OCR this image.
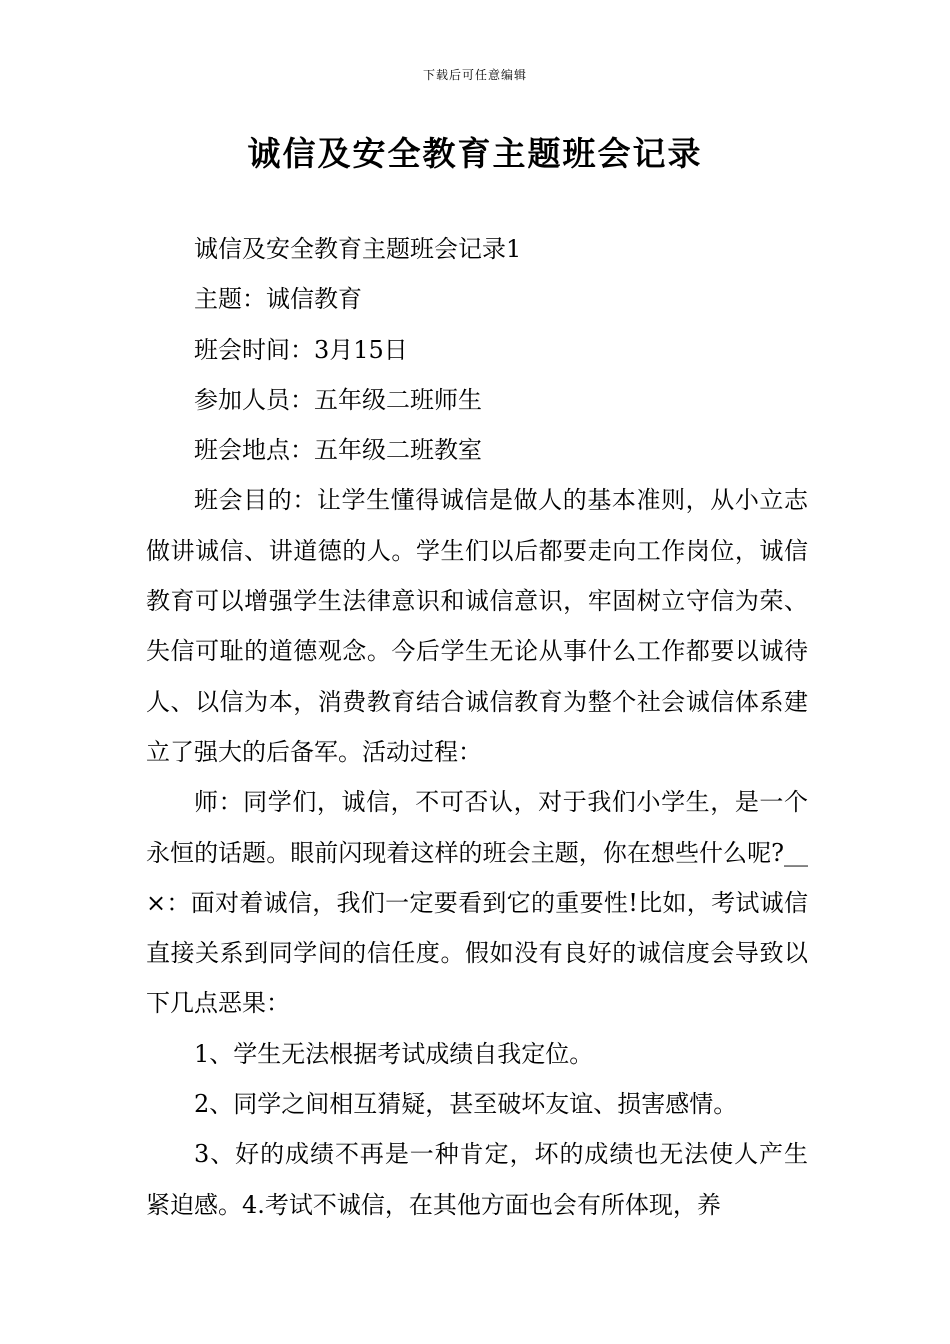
下载后可任意编辑
诚信及安全教育主题班会记录

诚信及安全教育主题班会记录1

主题：诚信教育

班会时间：3月15日

参加人员：五年级二班师生

班会地点：五年级二班教室

班会目的：让学生懂得诚信是做人的基本准则，从小立志做讲诚信、讲道德的人。学生们以后都要走向工作岗位，诚信教育可以增强学生法律意识和诚信意识，牢固树立守信为荣、失信可耻的道德观念。今后学生无论从事什么工作都要以诚待人、以信为本，消费教育结合诚信教育为整个社会诚信体系建立了强大的后备军。活动过程：

师：同学们，诚信，不可否认，对于我们小学生，是一个永恒的话题。眼前闪现着这样的班会主题，你在想些什么呢?__×：面对着诚信，我们一定要看到它的重要性!比如，考试诚信直接关系到同学间的信任度。假如没有良好的诚信度会导致以下几点恶果：

1、学生无法根据考试成绩自我定位。

2、同学之间相互猜疑，甚至破坏友谊、损害感情。

3、好的成绩不再是一种肯定，坏的成绩也无法使人产生紧迫感。4.考试不诚信，在其他方面也会有所体现，养
